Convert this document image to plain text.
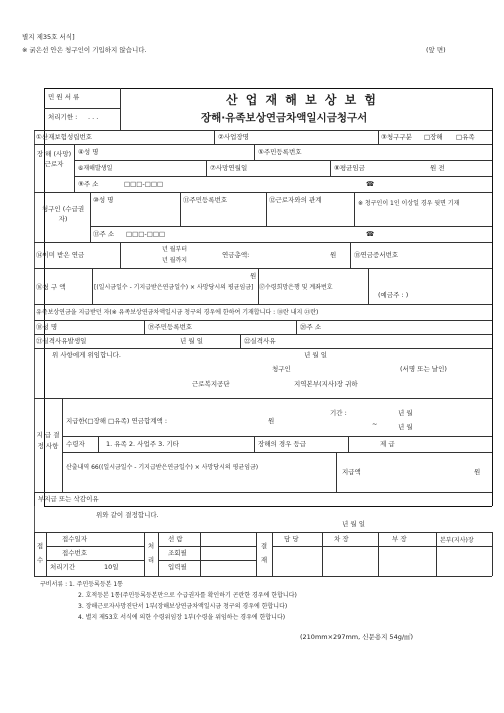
별지 제35호 서식]
※ 굵은선 안은 청구인이 기입하지 않습니다.	(앞 면)
민 원 서 류
처리기한 : . . .
산 업 재 해 보 상 보 험
장해·유족보상연금차액일시금청구서
①산재보험성립번호	②사업장명	③청구구분 □장해 □유족
장 해 (사망) 근로자
④성 명	⑤주민등록번호
⑥재해발생일	⑦사망연월일	⑧평균임금	원 전
⑨주 소	□□□-□□□	☎
청구인 (수급권자)
⑩성 명	⑪주민등록번호	⑫근로자와의 관계	※ 청구인이 1인 이상일 경우 뒷면 기재
⑬주 소 □□□-□□□	☎
⑭이미 받은 연금
년 월부터
년 월까지
연금총액:	원	⑮연금증서번호
⑯청 구 액
원
[(일시금일수 - 기지급받은연금일수) × 사망당시의 평균임금] ⑰수령희망은행 및 계좌번호
(예금주 : )
유족보상연금을 지급받던 자(※ 유족보상연금차액일시금 청구의 경우에 한하여 기재합니다 : ⑱란 내지 ㉑란)
⑱성 명	⑲주민등록번호	⑳주 소
㉑실격사유발생일	년 월 일	㉒실격사유
위 사항에게 위임합니다.	년 월 일
청구인	(서명 또는 날인)
근로복지공단	지역본부(지사)장 귀하
지 급 결 정 사항
지급한(□장해 □유족) 연금합계액 :	원
기간 :	년 월
~	년 월
수령자	1. 유족 2. 사업주 3. 기타	장해의 경우 등급	제 급
산출내역 66((일시금일수 - 기지급받은연금일수) × 사망당시의 평균임금)
지급액	원
부지급 또는 삭감이유
위와 같이 결정합니다.
년 월 일
접 수
접수일자
접수번호
처리기간	10일
처 리
선 람
조회필
입력필
결 재
담 당	차 장	부 장	본부(지사)장
구비서류 : 1. 주민등록등본 1통
2. 호적등본 1통(주민등록등본만으로 수급권자를 확인하기 곤란한 경우에 한합니다)
3. 장해근로자사망진단서 1부(장해보상연금차액일시금 청구의 경우에 한합니다)
4. 별지 제53호 서식에 의한 수령위임장 1부(수령을 위임하는 경우에 한합니다)
(210mm×297mm, 신문용지 54g/㎡)
